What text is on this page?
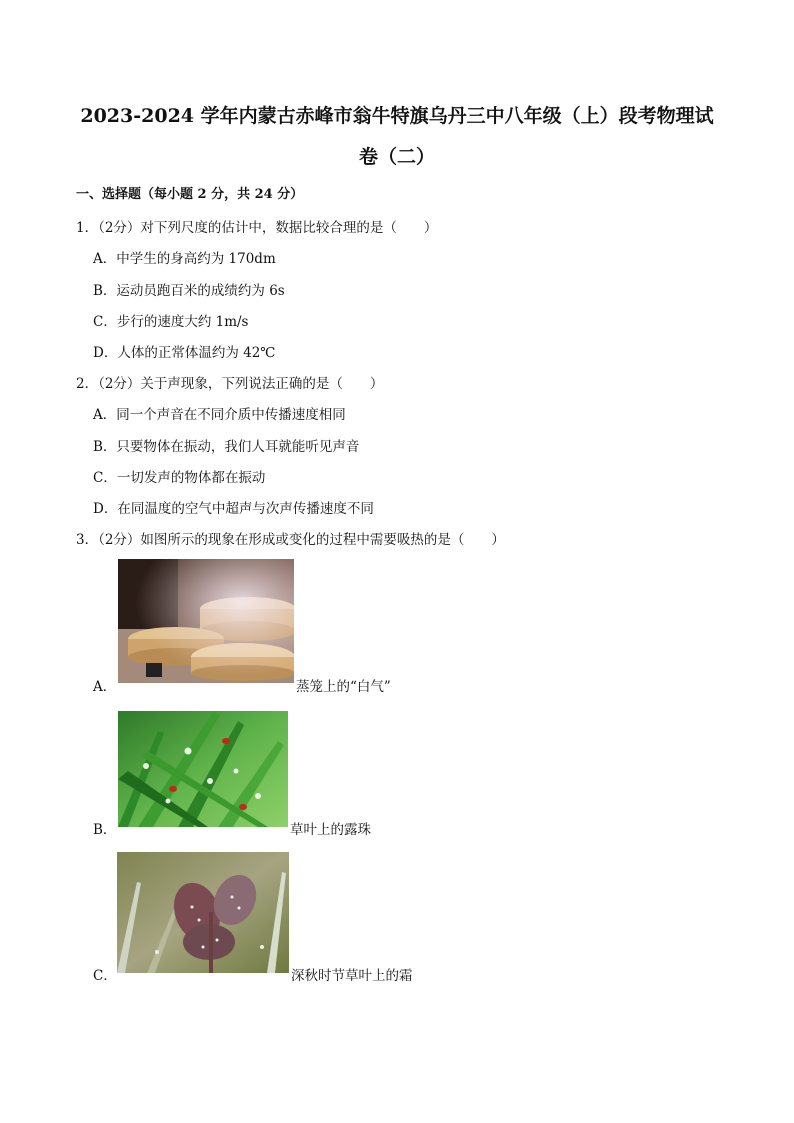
2023-2024 学年内蒙古赤峰市翁牛特旗乌丹三中八年级（上）段考物理试
卷（二）
一、选择题（每小题 2 分，共 24 分）
1．（2分）对下列尺度的估计中，数据比较合理的是（　　）
A．中学生的身高约为 170dm
B．运动员跑百米的成绩约为 6s
C．步行的速度大约 1m/s
D．人体的正常体温约为 42℃
2．（2分）关于声现象，下列说法正确的是（　　）
A．同一个声音在不同介质中传播速度相同
B．只要物体在振动，我们人耳就能听见声音
C．一切发声的物体都在振动
D．在同温度的空气中超声与次声传播速度不同
3．（2分）如图所示的现象在形成或变化的过程中需要吸热的是（　　）
A．	蒸笼上的“白气”
B．	草叶上的露珠
C．	深秋时节草叶上的霜
